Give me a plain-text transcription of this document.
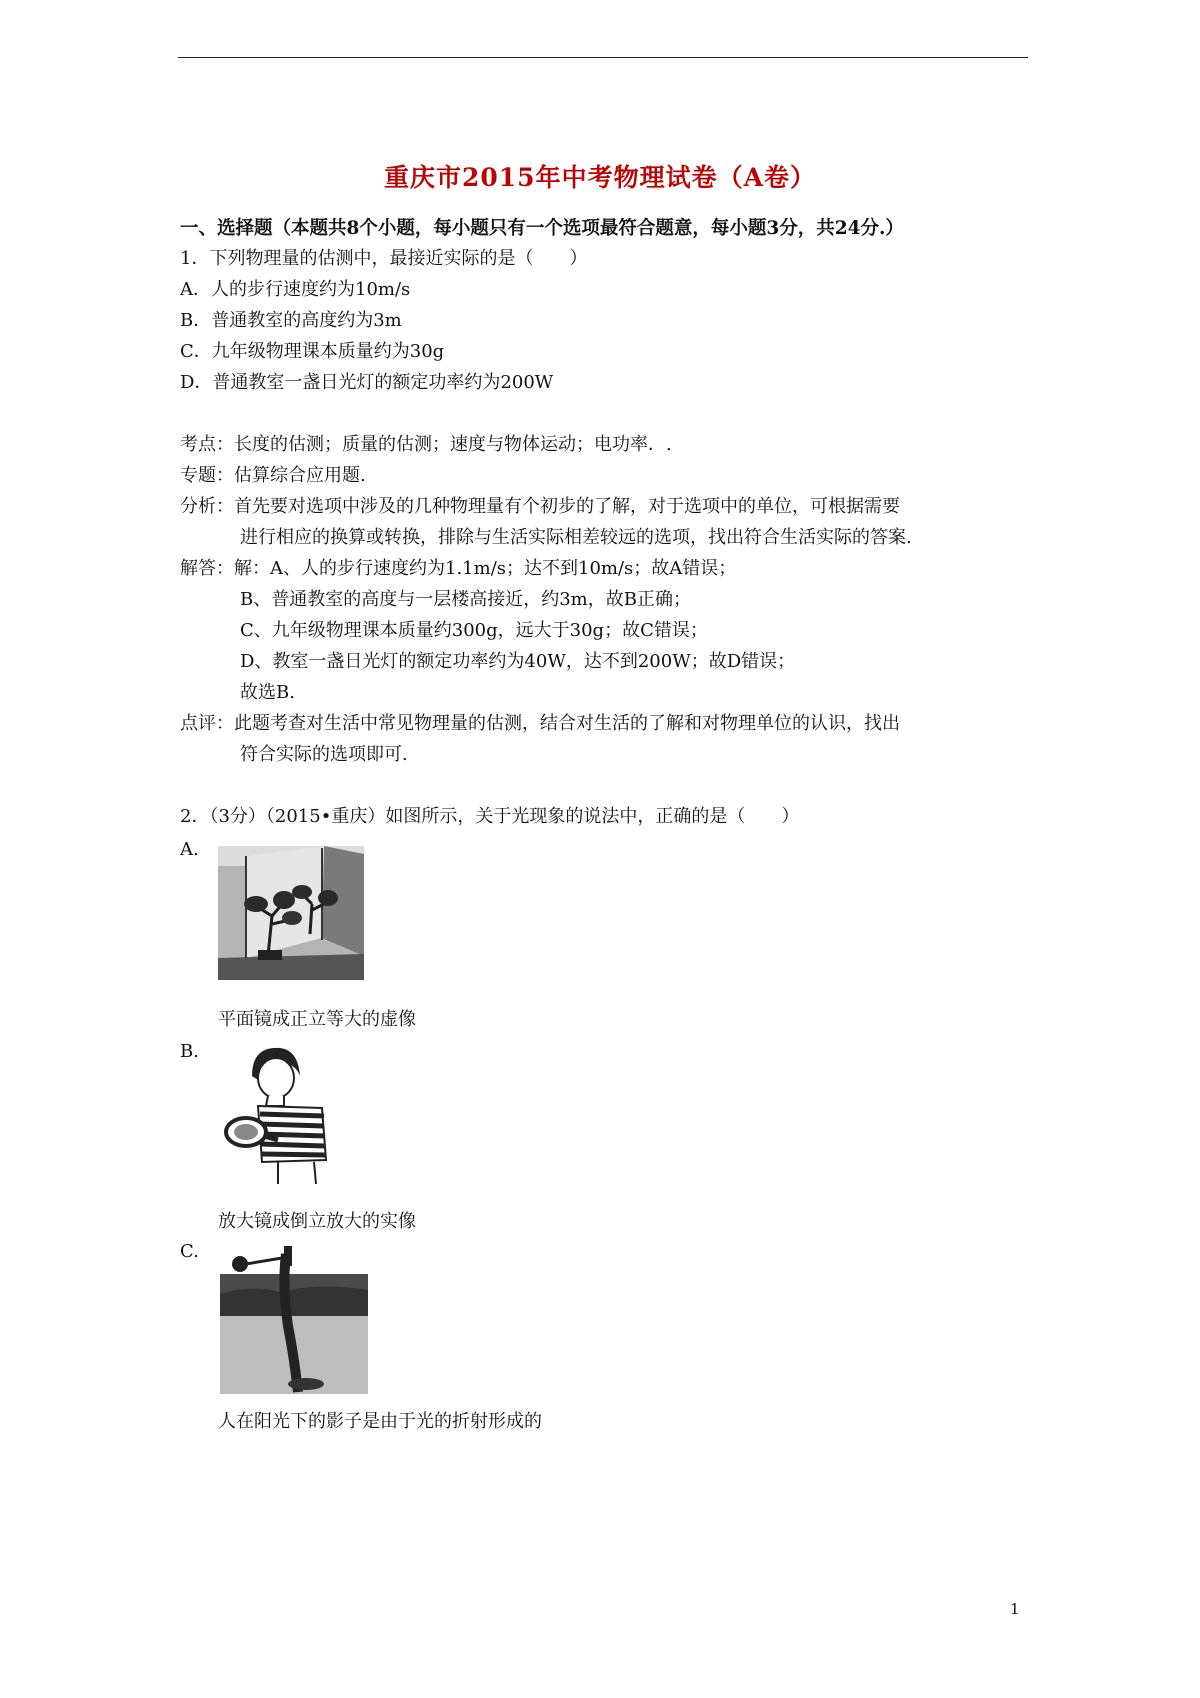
重庆市2015年中考物理试卷（A卷）
一、选择题（本题共8个小题，每小题只有一个选项最符合题意，每小题3分，共24分.）
1．下列物理量的估测中，最接近实际的是（　　）
A．人的步行速度约为10m/s
B．普通教室的高度约为3m
C．九年级物理课本质量约为30g
D．普通教室一盏日光灯的额定功率约为200W
考点：长度的估测；质量的估测；速度与物体运动；电功率．.
专题：估算综合应用题.
分析：首先要对选项中涉及的几种物理量有个初步的了解，对于选项中的单位，可根据需要
进行相应的换算或转换，排除与生活实际相差较远的选项，找出符合生活实际的答案.
解答：解：A、人的步行速度约为1.1m/s；达不到10m/s；故A错误；
B、普通教室的高度与一层楼高接近，约3m，故B正确；
C、九年级物理课本质量约300g，远大于30g；故C错误；
D、教室一盏日光灯的额定功率约为40W，达不到200W；故D错误；
故选B.
点评：此题考查对生活中常见物理量的估测，结合对生活的了解和对物理单位的认识，找出
符合实际的选项即可.
2．（3分）（2015•重庆）如图所示，关于光现象的说法中，正确的是（　　）
A.
平面镜成正立等大的虚像
B.
放大镜成倒立放大的实像
C.
人在阳光下的影子是由于光的折射形成的
1
